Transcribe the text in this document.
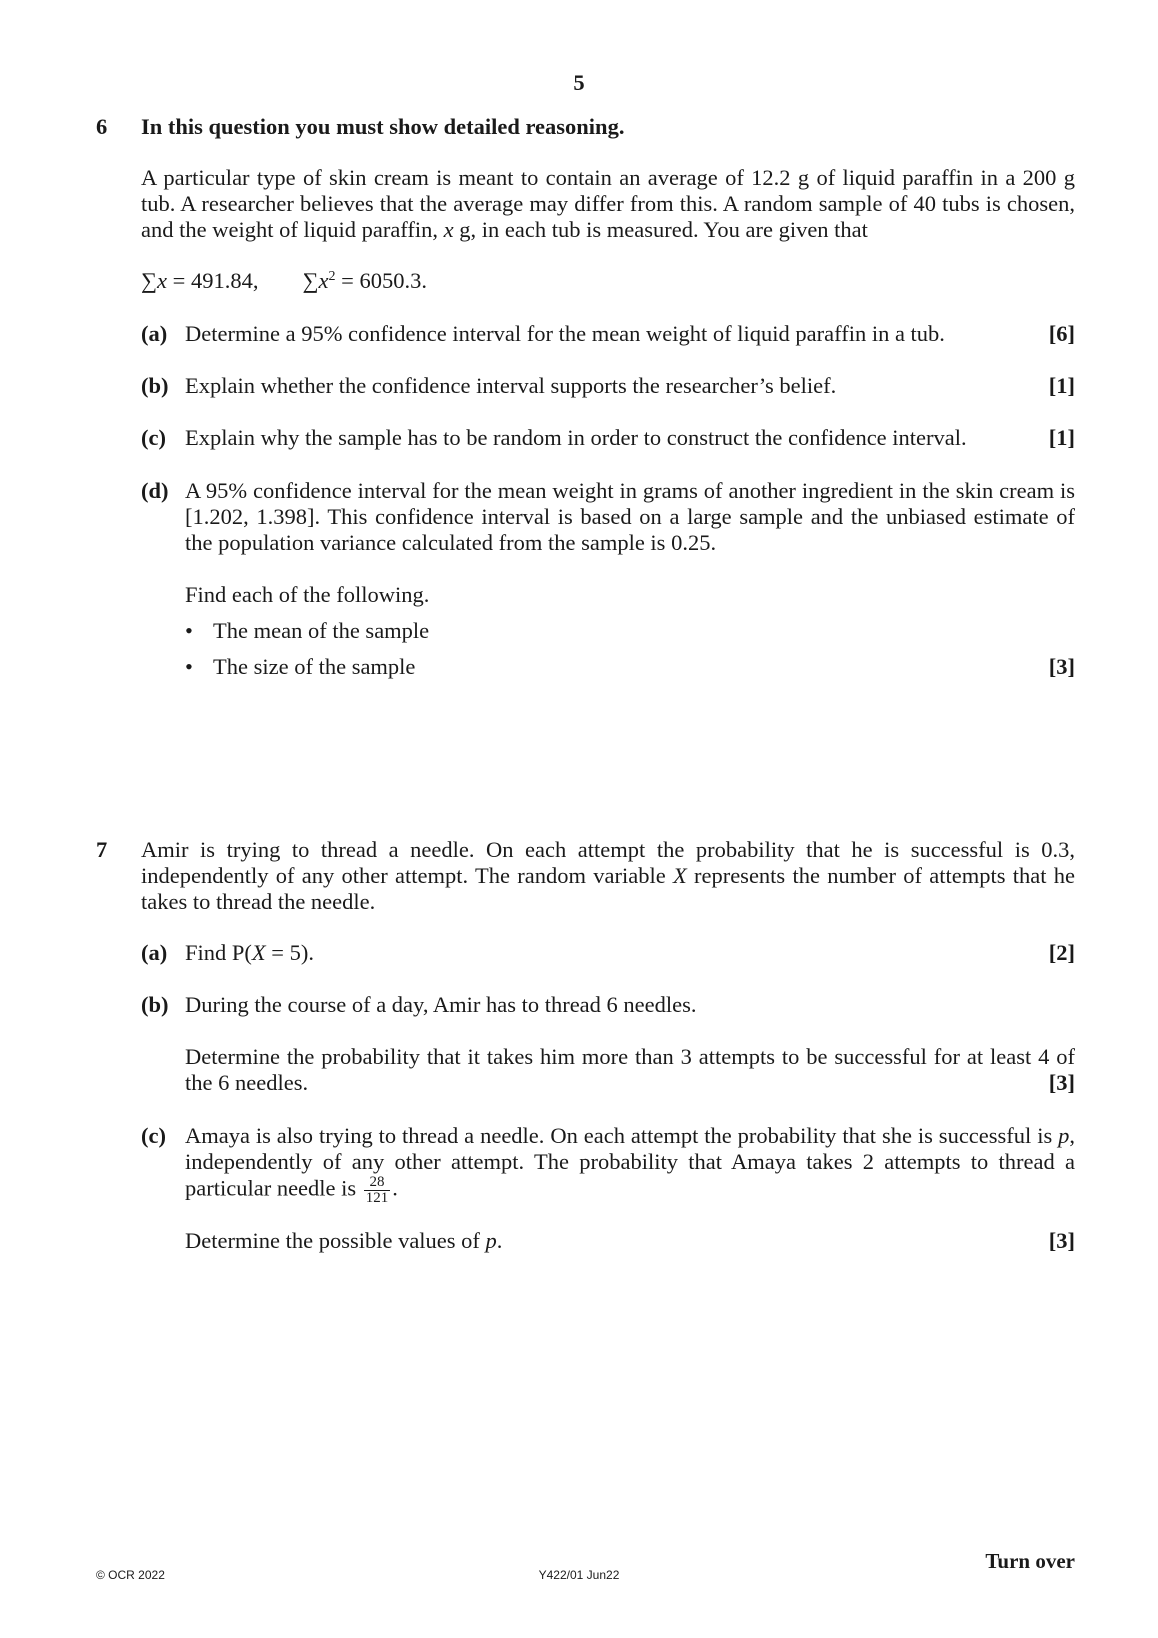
5
6 In this question you must show detailed reasoning.
A particular type of skin cream is meant to contain an average of 12.2 g of liquid paraffin in a 200 g tub. A researcher believes that the average may differ from this. A random sample of 40 tubs is chosen, and the weight of liquid paraffin, x g, in each tub is measured. You are given that
∑x = 491.84, $\sum x^2 = 6050.3$.
(a) Determine a 95% confidence interval for the mean weight of liquid paraffin in a tub.	[6]
(b) Explain whether the confidence interval supports the researcher’s belief.	[1]
(c) Explain why the sample has to be random in order to construct the confidence interval.	[1]
(d) A 95% confidence interval for the mean weight in grams of another ingredient in the skin cream is [1.202, 1.398]. This confidence interval is based on a large sample and the unbiased estimate of the population variance calculated from the sample is 0.25.
Find each of the following.
• The mean of the sample
• The size of the sample	[3]
7 Amir is trying to thread a needle. On each attempt the probability that he is successful is 0.3, independently of any other attempt. The random variable X represents the number of attempts that he takes to thread the needle.
(a) Find P(X = 5).	[2]
(b) During the course of a day, Amir has to thread 6 needles.
Determine the probability that it takes him more than 3 attempts to be successful for at least 4 of the 6 needles.	[3]
(c) Amaya is also trying to thread a needle. On each attempt the probability that she is successful is p, independently of any other attempt. The probability that Amaya takes 2 attempts to thread a particular needle is $\frac{28}{121}$ .
Determine the possible values of p.	[3]
© OCR 2022	Y422/01 Jun22
Turn over
